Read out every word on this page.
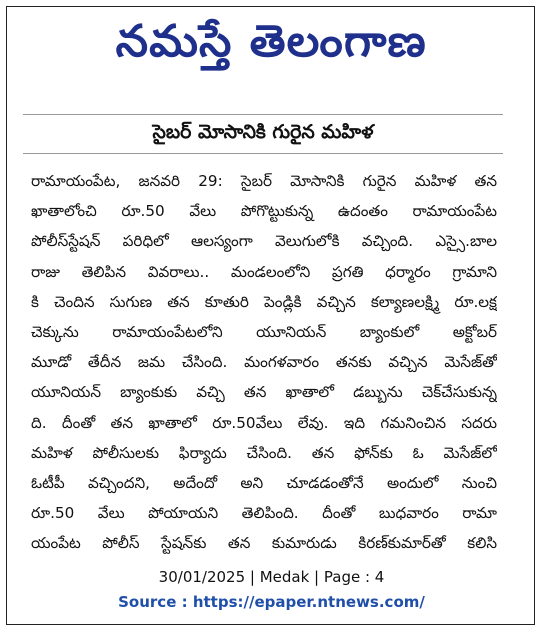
నమస్తే తెలంగాణ
సైబర్ మోసానికి గురైన మహిళ
రామాయంపేట, జనవరి 29: సైబర్ మోసానికి గురైన మహిళ తన
ఖాతాలోంచి రూ.50 వేలు పోగొట్టుకున్న ఉదంతం రామాయంపేట
పోలీస్‌స్టేషన్ పరిధిలో ఆలస్యంగా వెలుగులోకి వచ్చింది. ఎస్సై.బాల
రాజు తెలిపిన వివరాలు.. మండలంలోని ప్రగతి ధర్మారం గ్రామాని
కి చెందిన సుగుణ తన కూతురి పెండ్లికి వచ్చిన కల్యాణలక్ష్మి రూ.లక్ష
చెక్కును రామాయంపేటలోని యూనియన్ బ్యాంకులో అక్టోబర్
మూడో తేదీన జమ చేసింది. మంగళవారం తనకు వచ్చిన మెసేజ్‌తో
యూనియన్ బ్యాంకుకు వచ్చి తన ఖాతాలో డబ్బును చెక్‌చేసుకున్న
ది. దీంతో తన ఖాతాలో రూ.50వేలు లేవు. ఇది గమనించిన సదరు
మహిళ పోలీసులకు ఫిర్యాదు చేసింది. తన ఫోన్‌కు ఓ మెసేజ్‌లో
ఓటీపీ వచ్చిందని, అదేందో అని చూడడంతోనే అందులో నుంచి
రూ.50 వేలు పోయాయని తెలిపింది. దీంతో బుధవారం రామా
యంపేట పోలీస్ స్టేషన్‌కు తన కుమారుడు కిరణ్‌కుమార్‌తో కలిసి
30/01/2025 | Medak | Page : 4
Source : https://epaper.ntnews.com/
